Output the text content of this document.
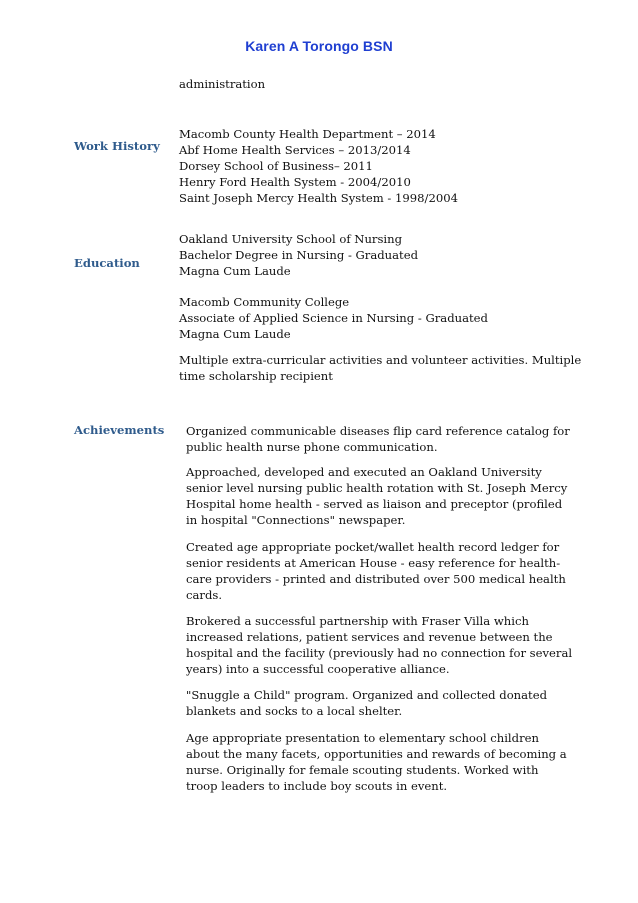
Karen A Torongo BSN
administration
Work History
Macomb County Health Department – 2014
Abf Home Health Services – 2013/2014
Dorsey School of Business– 2011
Henry Ford Health System - 2004/2010
Saint Joseph Mercy Health System - 1998/2004
Education
Oakland University School of Nursing
Bachelor Degree in Nursing - Graduated
Magna Cum Laude
Macomb Community College
Associate of Applied Science in Nursing - Graduated
Magna Cum Laude
Multiple extra-curricular activities and volunteer activities. Multiple
time scholarship recipient
Achievements Organized communicable diseases flip card reference catalog for
public health nurse phone communication.
Approached, developed and executed an Oakland University
senior level nursing public health rotation with St. Joseph Mercy
Hospital home health - served as liaison and preceptor (profiled
in hospital "Connections" newspaper.
Created age appropriate pocket/wallet health record ledger for
senior residents at American House - easy reference for health-
care providers - printed and distributed over 500 medical health
cards.
Brokered a successful partnership with Fraser Villa which
increased relations, patient services and revenue between the
hospital and the facility (previously had no connection for several
years) into a successful cooperative alliance.
"Snuggle a Child" program. Organized and collected donated
blankets and socks to a local shelter.
Age appropriate presentation to elementary school children
about the many facets, opportunities and rewards of becoming a
nurse. Originally for female scouting students. Worked with
troop leaders to include boy scouts in event.
